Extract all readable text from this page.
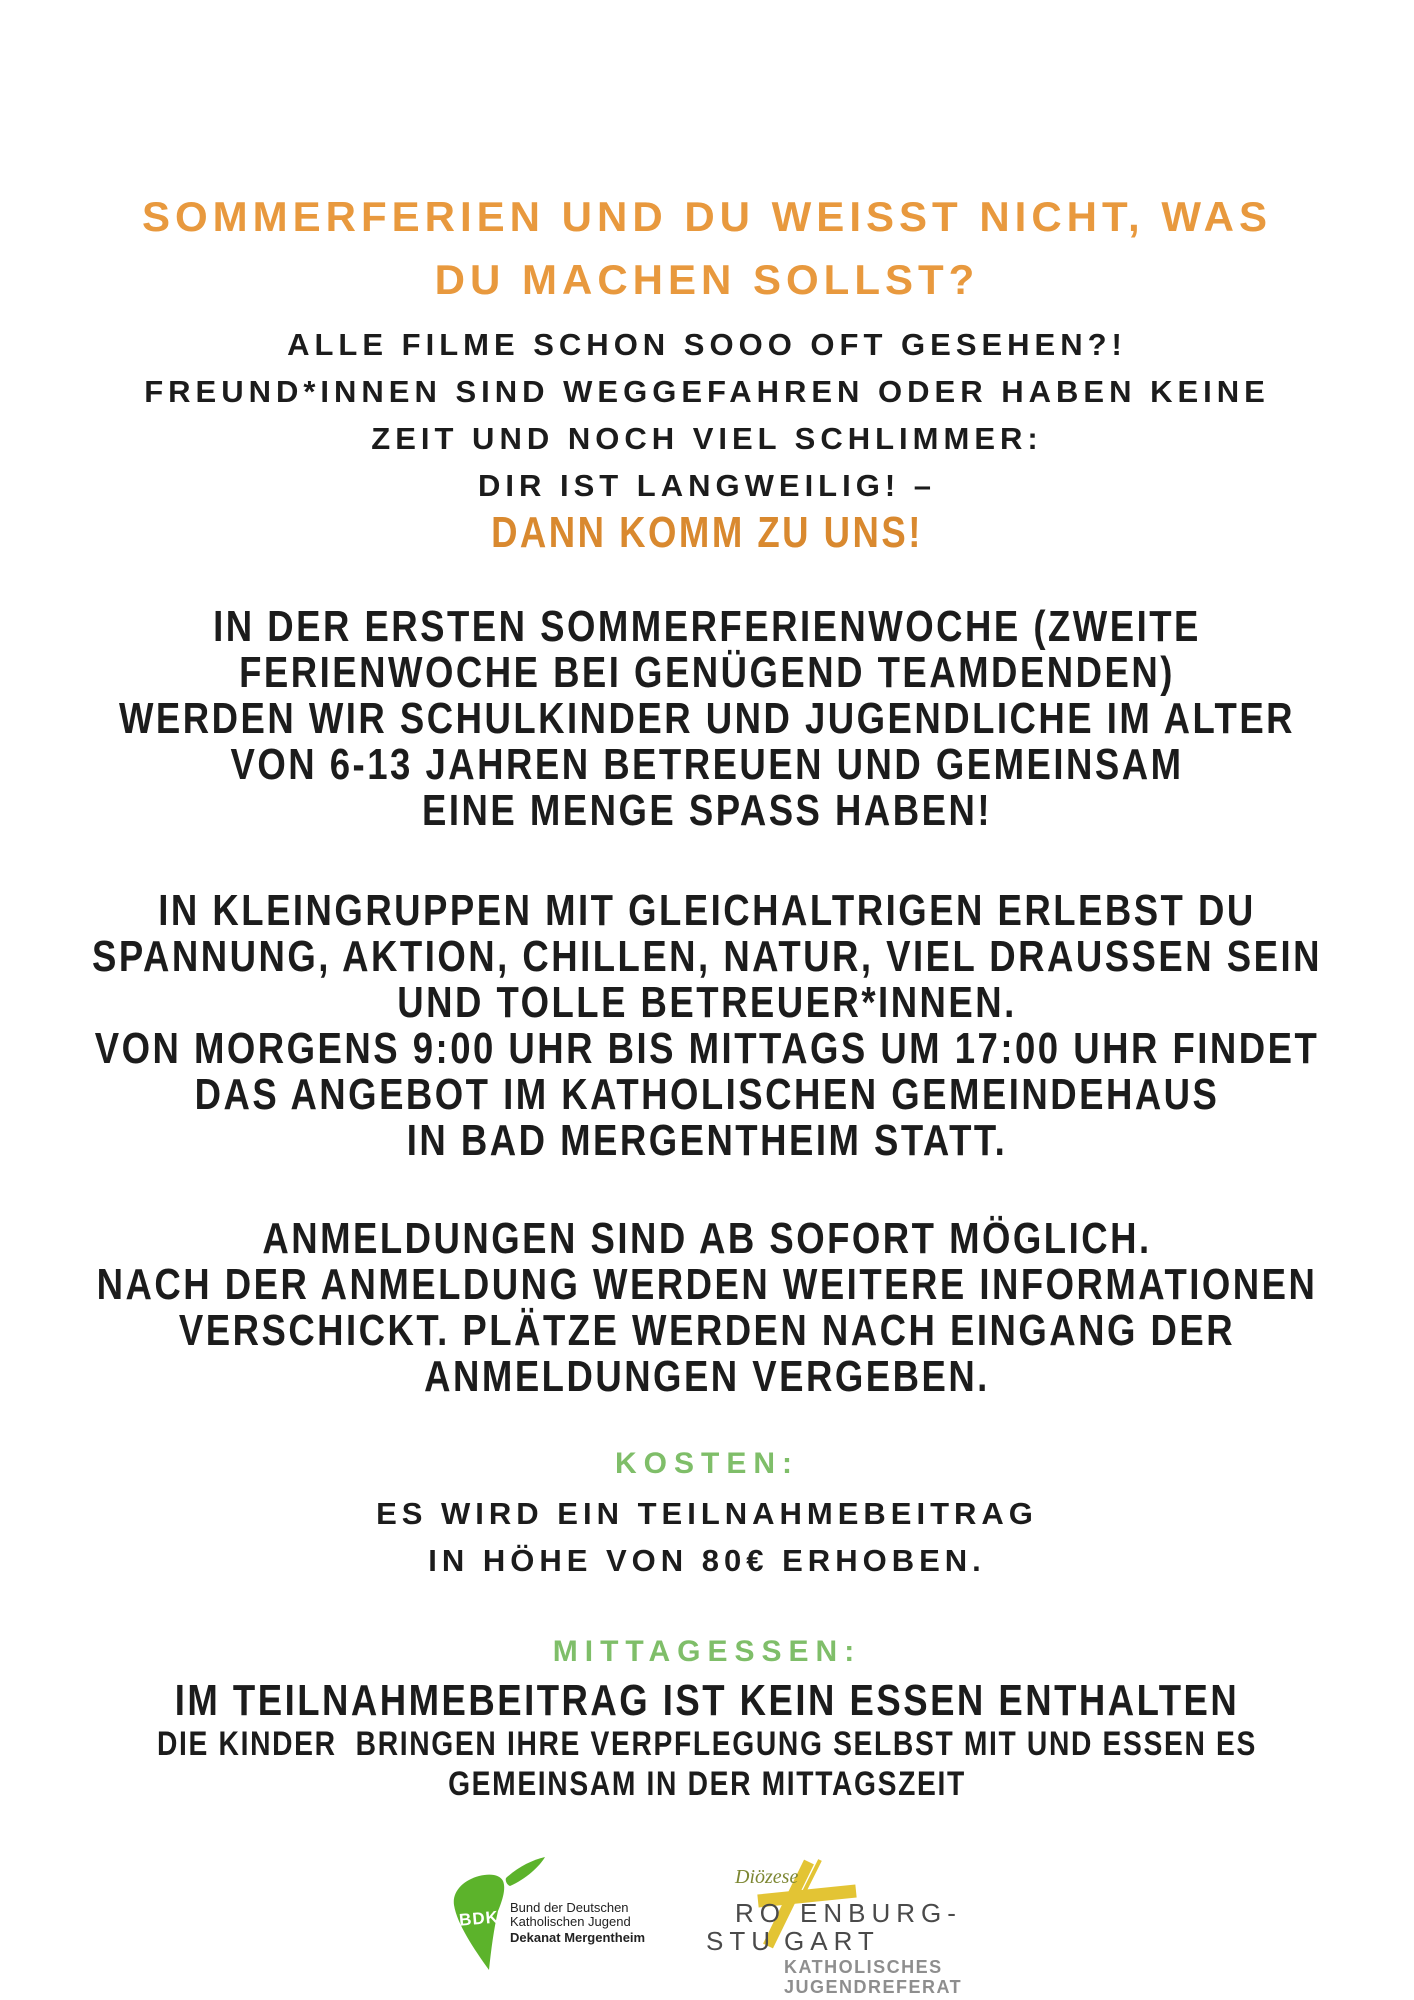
SOMMERFERIEN UND DU WEISST NICHT, WAS
DU MACHEN SOLLST?
ALLE FILME SCHON SOOO OFT GESEHEN?!
FREUND*INNEN SIND WEGGEFAHREN ODER HABEN KEINE
ZEIT UND NOCH VIEL SCHLIMMER:
DIR IST LANGWEILIG! –
DANN KOMM ZU UNS!
IN DER ERSTEN SOMMERFERIENWOCHE (ZWEITE
FERIENWOCHE BEI GENÜGEND TEAMDENDEN)
WERDEN WIR SCHULKINDER UND JUGENDLICHE IM ALTER
VON 6-13 JAHREN BETREUEN UND GEMEINSAM
EINE MENGE SPASS HABEN!
IN KLEINGRUPPEN MIT GLEICHALTRIGEN ERLEBST DU
SPANNUNG, AKTION, CHILLEN, NATUR, VIEL DRAUSSEN SEIN
UND TOLLE BETREUER*INNEN.
VON MORGENS 9:00 UHR BIS MITTAGS UM 17:00 UHR FINDET
DAS ANGEBOT IM KATHOLISCHEN GEMEINDEHAUS
IN BAD MERGENTHEIM STATT.
ANMELDUNGEN SIND AB SOFORT MÖGLICH.
NACH DER ANMELDUNG WERDEN WEITERE INFORMATIONEN
VERSCHICKT. PLÄTZE WERDEN NACH EINGANG DER
ANMELDUNGEN VERGEBEN.
KOSTEN:
ES WIRD EIN TEILNAHMEBEITRAG
IN HÖHE VON 80€ ERHOBEN.
MITTAGESSEN:
IM TEILNAHMEBEITRAG IST KEIN ESSEN ENTHALTEN
DIE KINDER  BRINGEN IHRE VERPFLEGUNG SELBST MIT UND ESSEN ES
GEMEINSAM IN DER MITTAGSZEIT
BDKJ Bund der Deutschen
Katholischen Jugend
Dekanat Mergentheim
Diözese
RO ENBURG-
STU GART
KATHOLISCHES
JUGENDREFERAT
